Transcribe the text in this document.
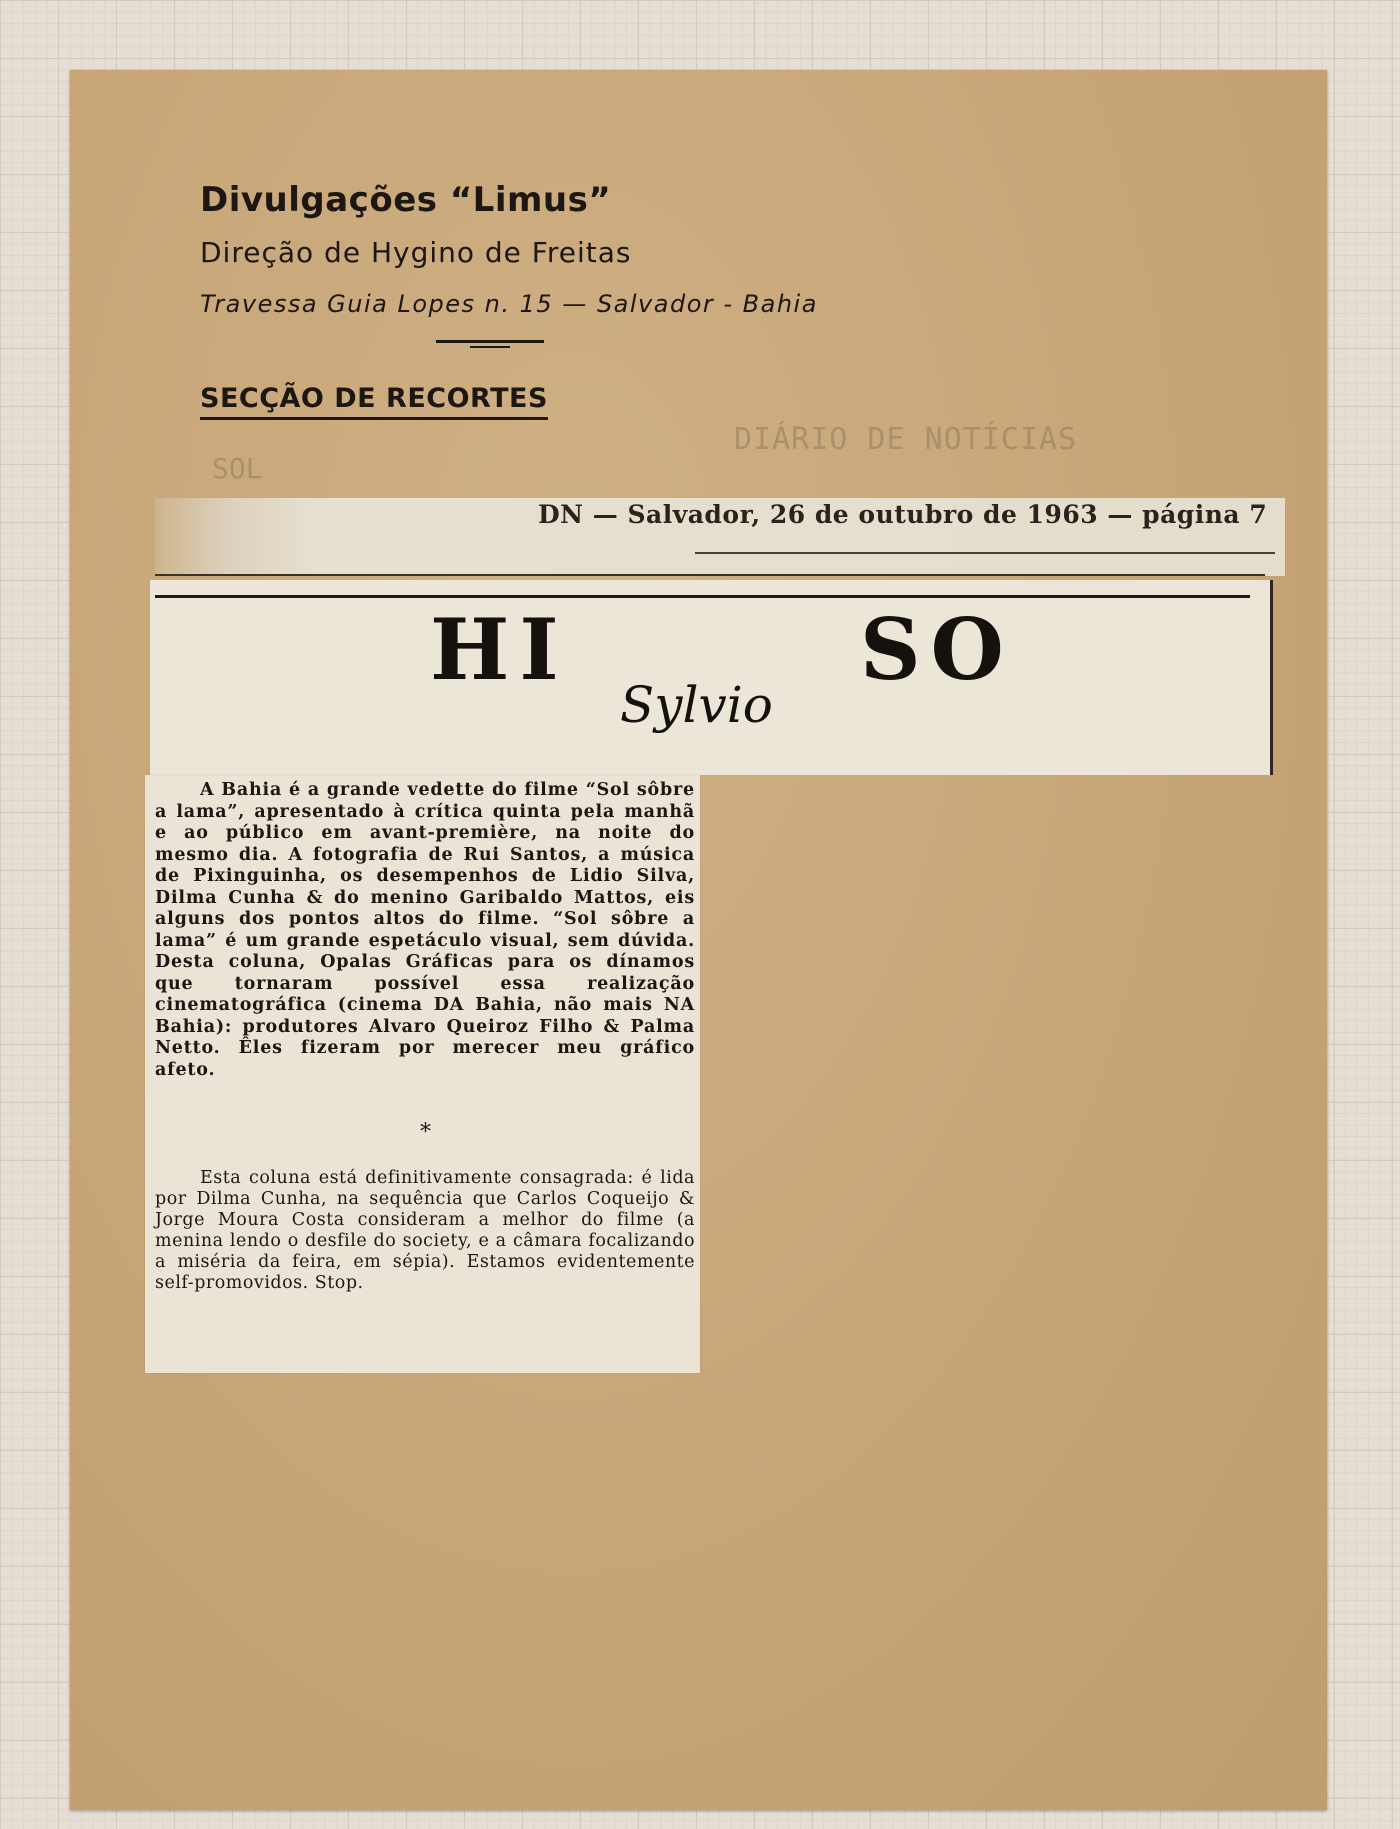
Divulgações “Limus”
Direção de Hygino de Freitas
Travessa Guia Lopes n. 15 — Salvador - Bahia
SECÇÃO DE RECORTES
DIÁRIO DE NOTÍCIAS
SOL
DN — Salvador, 26 de outubro de 1963 — página 7
HI	SO
Sylvio
A Bahia é a grande vedette do filme “Sol sôbre a lama”, apresentado à crítica quinta pela manhã e ao público em avant-première, na noite do mesmo dia. A fotografia de Rui Santos, a música de Pixinguinha, os desempenhos de Lidio Silva, Dilma Cunha & do menino Garibaldo Mattos, eis alguns dos pontos altos do filme. “Sol sôbre a lama” é um grande espetáculo visual, sem dúvida. Desta coluna, Opalas Gráficas para os dínamos que tornaram possível essa realização cinematográfica (cinema DA Bahia, não mais NA Bahia): produtores Alvaro Queiroz Filho & Palma Netto. Êles fizeram por merecer meu gráfico afeto.
*
Esta coluna está definitivamente consagrada: é lida por Dilma Cunha, na sequência que Carlos Coqueijo & Jorge Moura Costa consideram a melhor do filme (a menina lendo o desfile do society, e a câmara focalizando a miséria da feira, em sépia). Estamos evidentemente self-promovidos. Stop.
